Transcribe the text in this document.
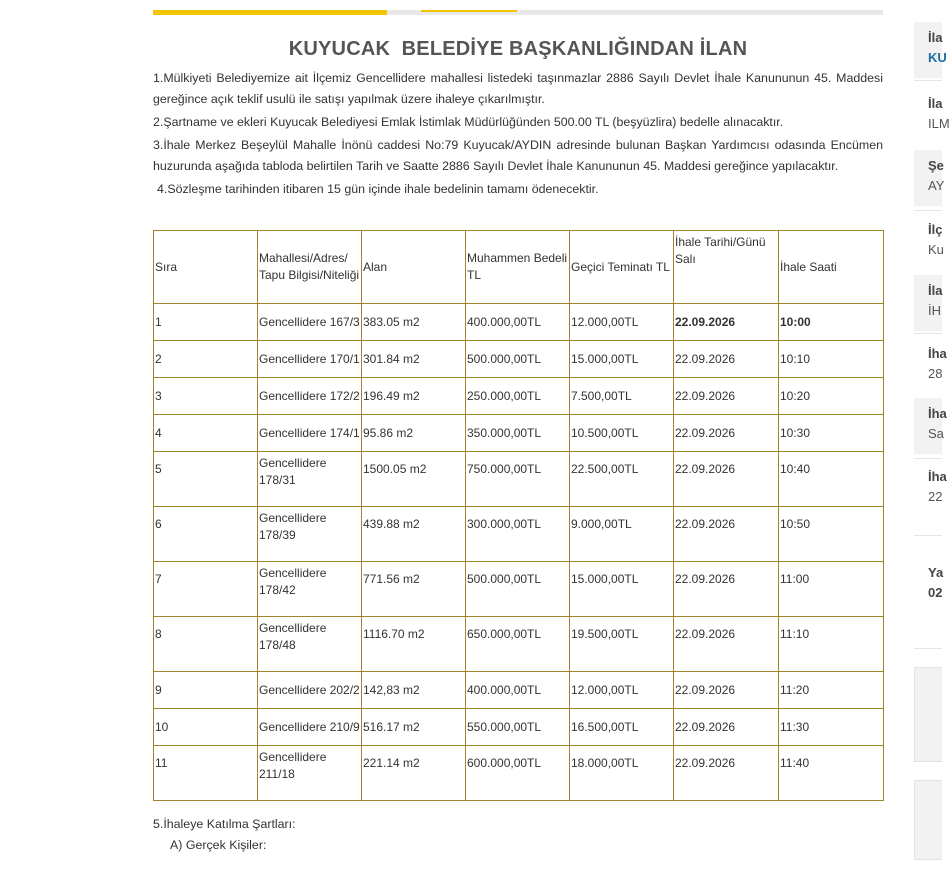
KUYUCAK  BELEDİYE BAŞKANLIĞINDAN İLAN

1.Mülkiyeti Belediyemize ait İlçemiz Gencellidere mahallesi listedeki taşınmazlar 2886 Sayılı Devlet İhale Kanununun 45. Maddesi gereğince açık teklif usulü ile satışı yapılmak üzere ihaleye çıkarılmıştır.

2.Şartname ve ekleri Kuyucak Belediyesi Emlak İstimlak Müdürlüğünden 500.00 TL (beşyüzlira) bedelle alınacaktır.

3.İhale Merkez Beşeylül Mahalle İnönü caddesi No:79 Kuyucak/AYDIN adresinde bulunan Başkan Yardımcısı odasında Encümen huzurunda aşağıda tabloda belirtilen Tarih ve Saatte 2886 Sayılı Devlet İhale Kanununun 45. Maddesi gereğince yapılacaktır.

4.Sözleşme tarihinden itibaren 15 gün içinde ihale bedelinin tamamı ödenecektir.

Sıra	Mahallesi/Adres/ Tapu Bilgisi/Niteliği	Alan	Muhammen Bedeli TL	Geçici Teminatı TL	İhale Tarihi/Günü Salı	İhale Saati
1	Gencellidere 167/3	383.05 m2	400.000,00TL	12.000,00TL	22.09.2026	10:00
2	Gencellidere 170/1	301.84 m2	500.000,00TL	15.000,00TL	22.09.2026	10:10
3	Gencellidere 172/2	196.49 m2	250.000,00TL	7.500,00TL	22.09.2026	10:20
4	Gencellidere 174/1	95.86 m2	350.000,00TL	10.500,00TL	22.09.2026	10:30
5	Gencellidere 178/31	1500.05 m2	750.000,00TL	22.500,00TL	22.09.2026	10:40
6	Gencellidere 178/39	439.88 m2	300.000,00TL	9.000,00TL	22.09.2026	10:50
7	Gencellidere 178/42	771.56 m2	500.000,00TL	15.000,00TL	22.09.2026	11:00
8	Gencellidere 178/48	1116.70 m2	650.000,00TL	19.500,00TL	22.09.2026	11:10
9	Gencellidere 202/2	142,83 m2	400.000,00TL	12.000,00TL	22.09.2026	11:20
10	Gencellidere 210/9	516.17 m2	550.000,00TL	16.500,00TL	22.09.2026	11:30
11	Gencellidere 211/18	221.14 m2	600.000,00TL	18.000,00TL	22.09.2026	11:40
5.İhaleye Katılma Şartları:
A) Gerçek Kişiler:
İla
KU
İla
ILM
Şe
AY
İlç
Ku
İla
İH
İha
28
İha
Sa
İha
22
Ya
02
